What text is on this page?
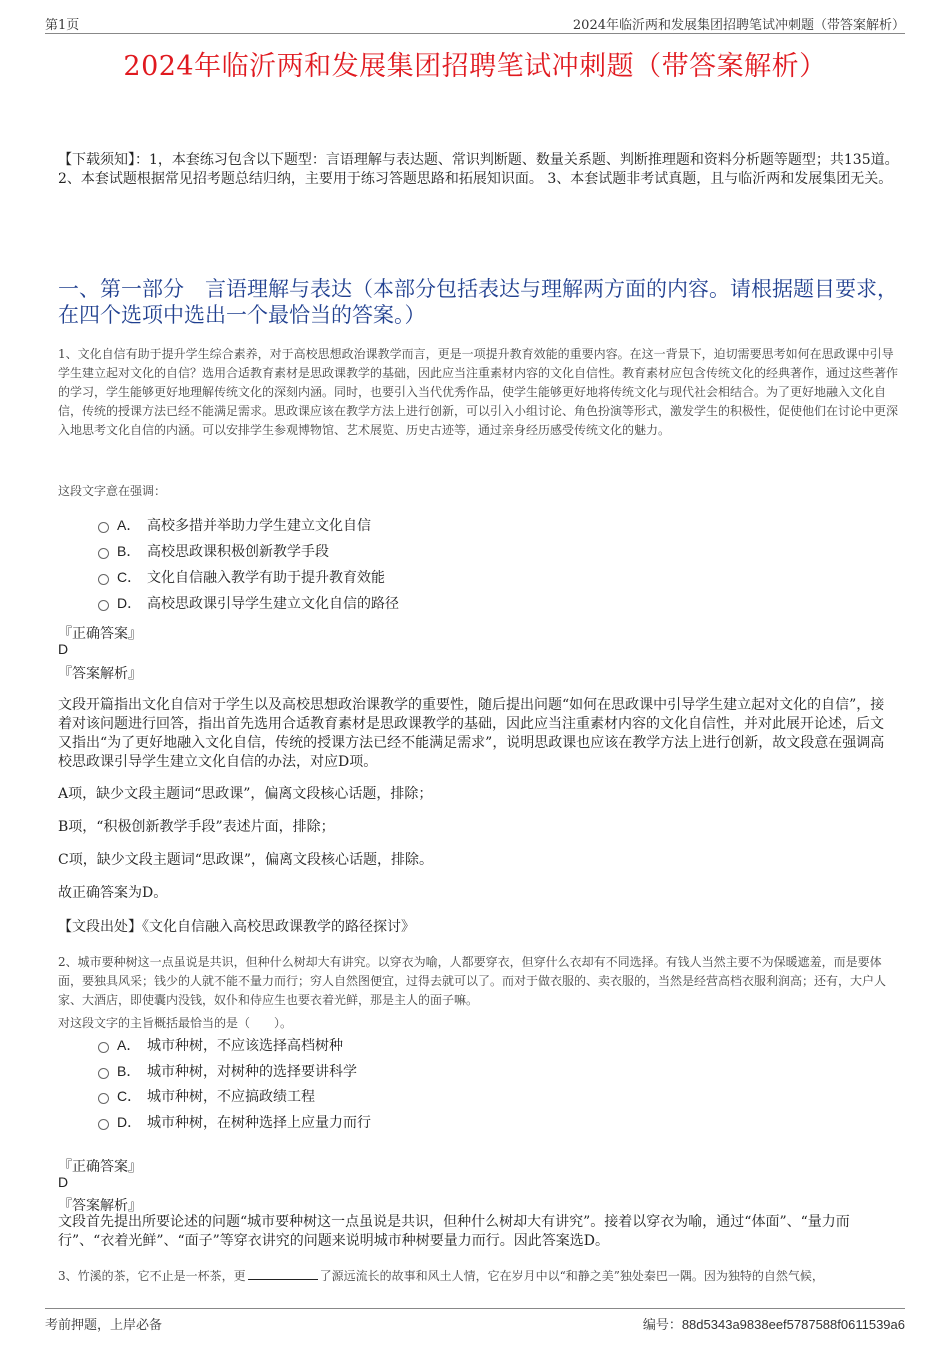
第1页	2024年临沂两和发展集团招聘笔试冲刺题（带答案解析）
2024年临沂两和发展集团招聘笔试冲刺题（带答案解析）
【下载须知】：1，本套练习包含以下题型：言语理解与表达题、常识判断题、数量关系题、判断推理题和资料分析题等题型；共135道。 2、本套试题根据常见招考题总结归纳，主要用于练习答题思路和拓展知识面。 3、本套试题非考试真题，且与临沂两和发展集团无关。
一、第一部分　言语理解与表达（本部分包括表达与理解两方面的内容。请根据题目要求，在四个选项中选出一个最恰当的答案。）
1、文化自信有助于提升学生综合素养，对于高校思想政治课教学而言，更是一项提升教育效能的重要内容。在这一背景下，迫切需要思考如何在思政课中引导学生建立起对文化的自信？选用合适教育素材是思政课教学的基础，因此应当注重素材内容的文化自信性。教育素材应包含传统文化的经典著作，通过这些著作的学习，学生能够更好地理解传统文化的深刻内涵。同时，也要引入当代优秀作品，使学生能够更好地将传统文化与现代社会相结合。为了更好地融入文化自信，传统的授课方法已经不能满足需求。思政课应该在教学方法上进行创新，可以引入小组讨论、角色扮演等形式，激发学生的积极性，促使他们在讨论中更深入地思考文化自信的内涵。可以安排学生参观博物馆、艺术展览、历史古迹等，通过亲身经历感受传统文化的魅力。
这段文字意在强调：
A． 高校多措并举助力学生建立文化自信
B． 高校思政课积极创新教学手段
C． 文化自信融入教学有助于提升教育效能
D． 高校思政课引导学生建立文化自信的路径
『正确答案』
D
『答案解析』
文段开篇指出文化自信对于学生以及高校思想政治课教学的重要性，随后提出问题“如何在思政课中引导学生建立起对文化的自信”，接着对该问题进行回答，指出首先选用合适教育素材是思政课教学的基础，因此应当注重素材内容的文化自信性，并对此展开论述，后文又指出“为了更好地融入文化自信，传统的授课方法已经不能满足需求”，说明思政课也应该在教学方法上进行创新，故文段意在强调高校思政课引导学生建立文化自信的办法，对应D项。
A项，缺少文段主题词“思政课”，偏离文段核心话题，排除；
B项，“积极创新教学手段”表述片面，排除；
C项，缺少文段主题词“思政课”，偏离文段核心话题，排除。
故正确答案为D。
【文段出处】《文化自信融入高校思政课教学的路径探讨》
2、城市要种树这一点虽说是共识，但种什么树却大有讲究。以穿衣为喻，人都要穿衣，但穿什么衣却有不同选择。有钱人当然主要不为保暖遮羞，而是要体面，要独具风采；钱少的人就不能不量力而行；穷人自然图便宜，过得去就可以了。而对于做衣服的、卖衣服的，当然是经营高档衣服利润高；还有，大户人家、大酒店，即使囊内没钱，奴仆和侍应生也要衣着光鲜，那是主人的面子嘛。
对这段文字的主旨概括最恰当的是（　　）。
A． 城市种树，不应该选择高档树种
B． 城市种树，对树种的选择要讲科学
C． 城市种树，不应搞政绩工程
D． 城市种树，在树种选择上应量力而行
『正确答案』
D
『答案解析』
文段首先提出所要论述的问题“城市要种树这一点虽说是共识，但种什么树却大有讲究”。接着以穿衣为喻，通过“体面”、“量力而行”、“衣着光鲜”、“面子”等穿衣讲究的问题来说明城市种树要量力而行。因此答案选D。
3、竹溪的茶，它不止是一杯茶，更	了源远流长的故事和风土人情，它在岁月中以“和静之美”独处秦巴一隅。因为独特的自然气候，
考前押题，上岸必备	编号：88d5343a9838eef5787588f0611539a6
